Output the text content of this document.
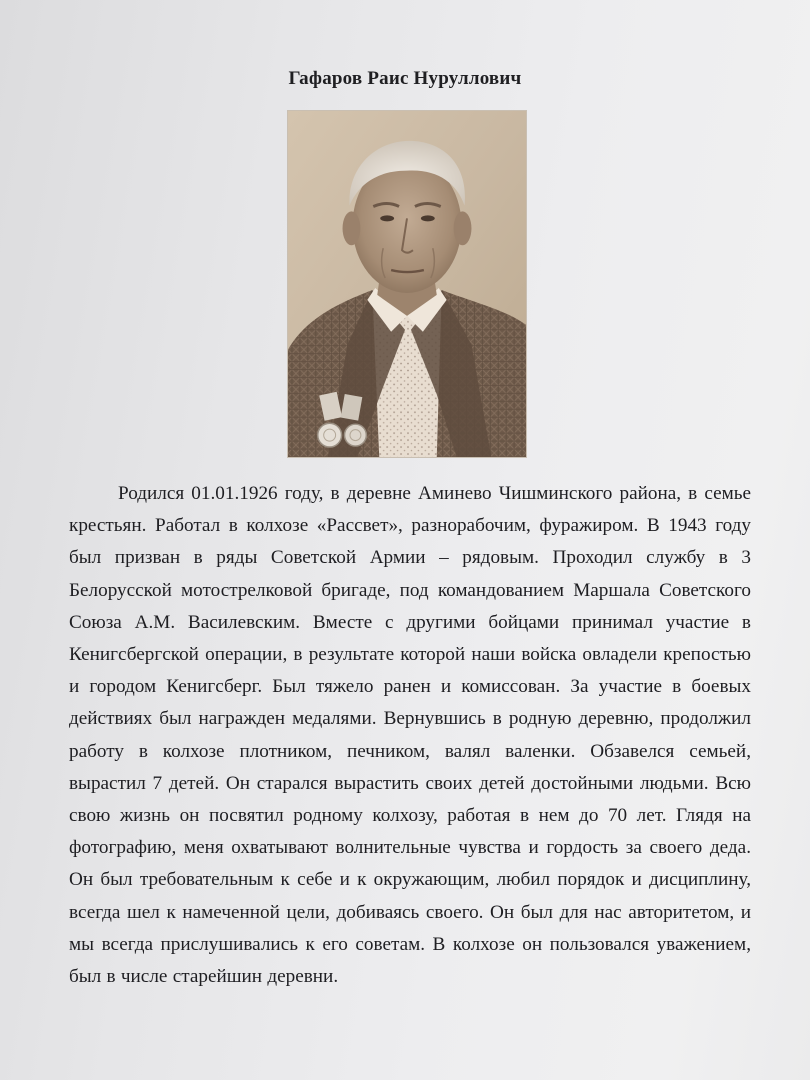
Гафаров Раис Нуруллович

Родился 01.01.1926 году, в деревне Аминево Чишминского района, в семье крестьян. Работал в колхозе «Рассвет», разнорабочим, фуражиром. В 1943 году был призван в ряды Советской Армии – рядовым. Проходил службу в 3 Белорусской мотострелковой бригаде, под командованием Маршала Советского Союза А.М. Василевским. Вместе с другими бойцами принимал участие в Кенигсбергской операции, в результате которой наши войска овладели крепостью и городом Кенигсберг. Был тяжело ранен и комиссован. За участие в боевых действиях был награжден медалями. Вернувшись в родную деревню, продолжил работу в колхозе плотником, печником, валял валенки. Обзавелся семьей, вырастил 7 детей. Он старался вырастить своих детей достойными людьми. Всю свою жизнь он посвятил родному колхозу, работая в нем до 70 лет. Глядя на фотографию, меня охватывают волнительные чувства и гордость за своего деда. Он был требовательным к себе и к окружающим, любил порядок и дисциплину, всегда шел к намеченной цели, добиваясь своего. Он был для нас авторитетом, и мы всегда прислушивались к его советам. В колхозе он пользовался уважением, был в числе старейшин деревни.
